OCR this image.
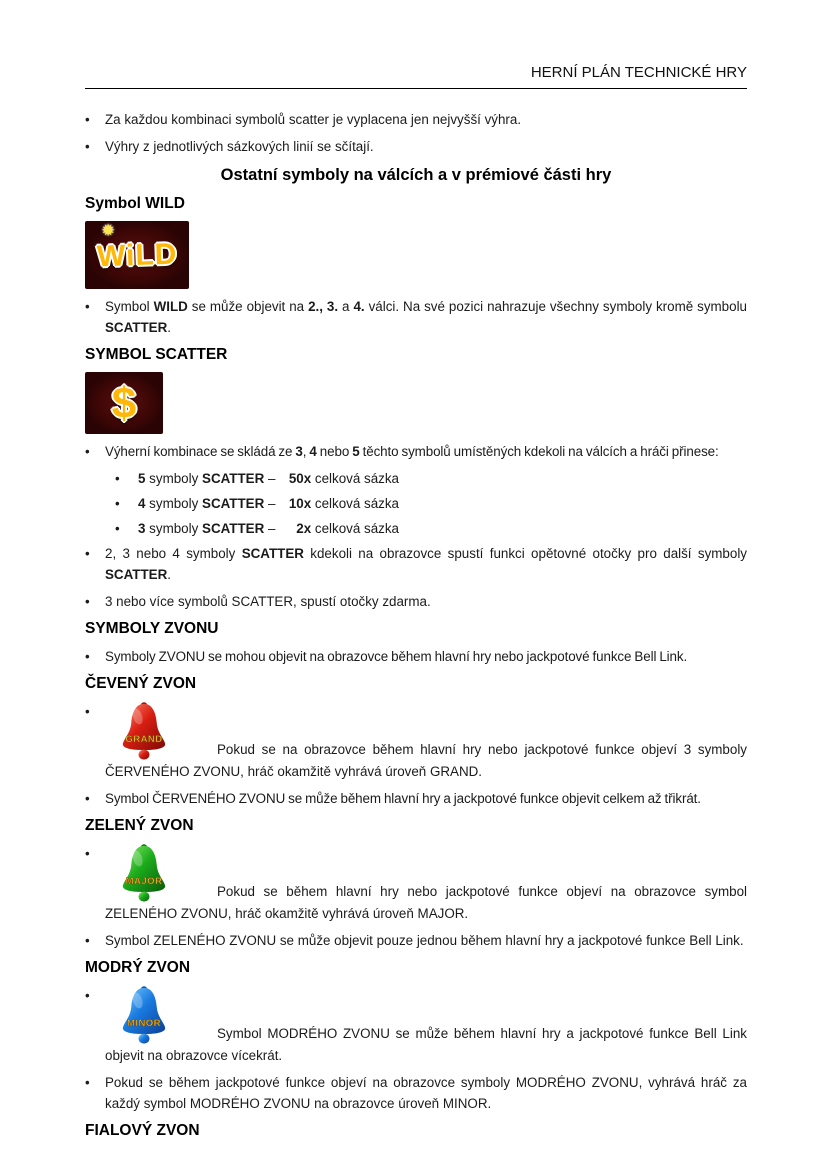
HERNÍ PLÁN TECHNICKÉ HRY
•	Za každou kombinaci symbolů scatter je vyplacena jen nejvyšší výhra.
•	Výhry z jednotlivých sázkových linií se sčítají.
Ostatní symboly na válcích a v prémiové části hry
Symbol WILD
✹
WiLD
•	Symbol WILD se může objevit na 2., 3. a 4. válci. Na své pozici nahrazuje všechny symboly kromě symbolu SCATTER.
SYMBOL SCATTER
$
•	Výherní kombinace se skládá ze 3, 4 nebo 5 těchto symbolů umístěných kdekoli na válcích a hráči přinese:
•	5 symboly SCATTER – 50x celková sázka
•	4 symboly SCATTER – 10x celková sázka
•	3 symboly SCATTER – 2x celková sázka
•	2, 3 nebo 4 symboly SCATTER kdekoli na obrazovce spustí funkci opětovné otočky pro další symboly SCATTER.
•	3 nebo více symbolů SCATTER, spustí otočky zdarma.
SYMBOLY ZVONU
•	Symboly ZVONU se mohou objevit na obrazovce během hlavní hry nebo jackpotové funkce Bell Link.
ČEVENÝ ZVON
•
GRAND
Pokud se na obrazovce během hlavní hry nebo jackpotové funkce objeví 3 symboly ČERVENÉHO ZVONU, hráč okamžitě vyhrává úroveň GRAND.
•	Symbol ČERVENÉHO ZVONU se může během hlavní hry a jackpotové funkce objevit celkem až třikrát.
ZELENÝ ZVON
•
MAJOR
Pokud se během hlavní hry nebo jackpotové funkce objeví na obrazovce symbol ZELENÉHO ZVONU, hráč okamžitě vyhrává úroveň MAJOR.
•	Symbol ZELENÉHO ZVONU se může objevit pouze jednou během hlavní hry a jackpotové funkce Bell Link.
MODRÝ ZVON
•
MINOR
Symbol MODRÉHO ZVONU se může během hlavní hry a jackpotové funkce Bell Link objevit na obrazovce vícekrát.
•	Pokud se během jackpotové funkce objeví na obrazovce symboly MODRÉHO ZVONU, vyhrává hráč za každý symbol MODRÉHO ZVONU na obrazovce úroveň MINOR.
FIALOVÝ ZVON
